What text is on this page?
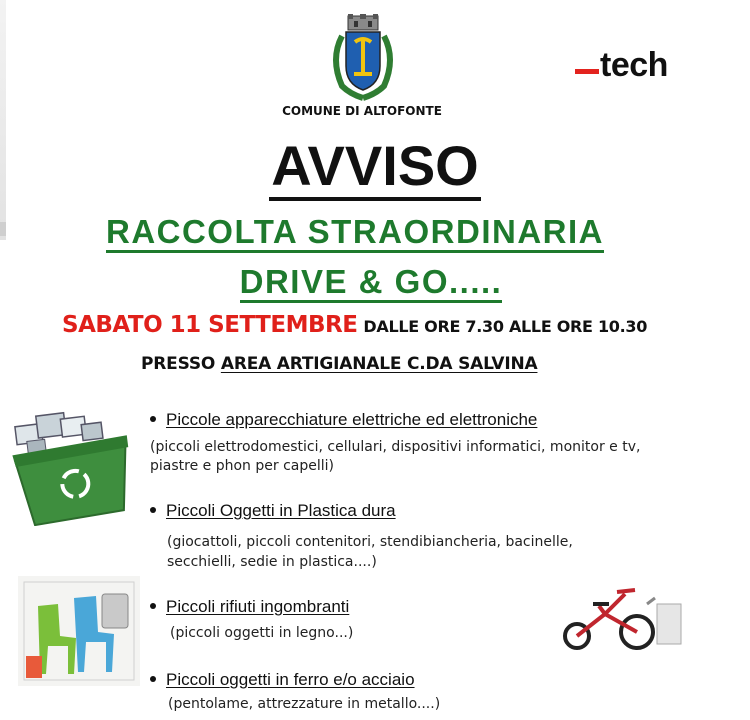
COMUNE DI ALTOFONTE
tech
AVVISO
RACCOLTA STRAORDINARIA
DRIVE & GO.....
SABATO 11 SETTEMBRE DALLE ORE 7.30 ALLE ORE 10.30
PRESSO AREA ARTIGIANALE C.DA SALVINA
Piccole apparecchiature elettriche ed elettroniche
(piccoli elettrodomestici, cellulari, dispositivi informatici, monitor e tv,
piastre e phon per capelli)
Piccoli Oggetti in Plastica dura
(giocattoli, piccoli contenitori, stendibiancheria, bacinelle,
secchielli, sedie in plastica....)
Piccoli rifiuti ingombranti
(piccoli oggetti in legno...)
Piccoli oggetti in ferro e/o acciaio
(pentolame, attrezzature in metallo....)
